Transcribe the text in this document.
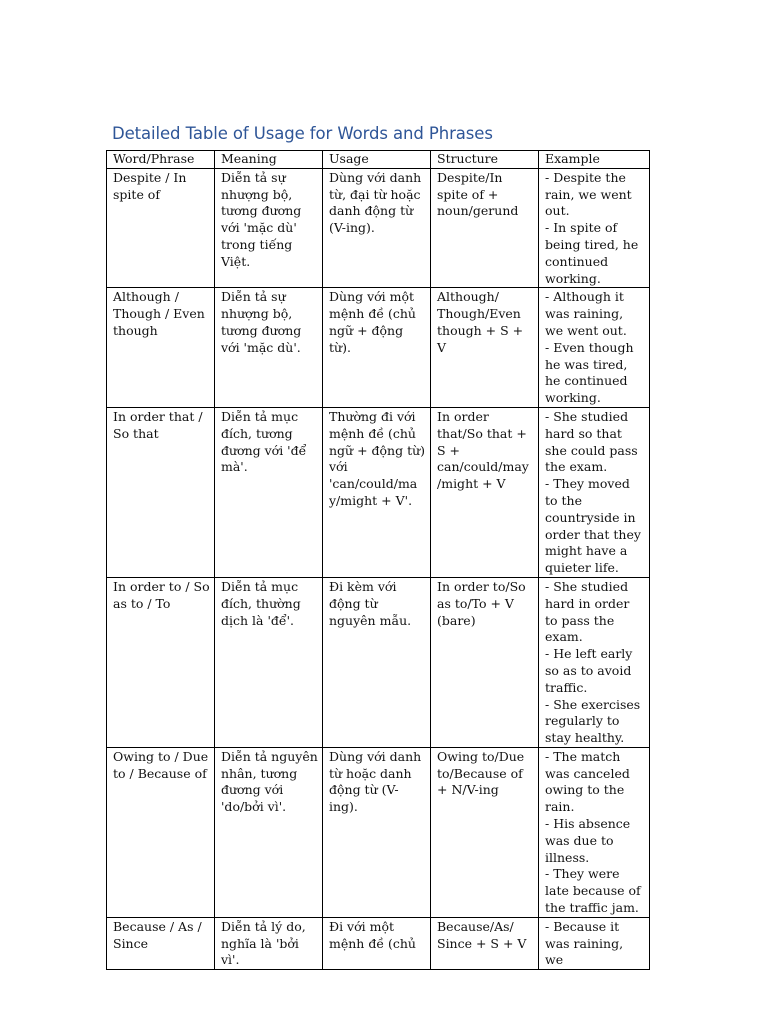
Detailed Table of Usage for Words and Phrases
Word/Phrase	Meaning	Usage	Structure	Example

Despite / In spite of	Diễn tả sự nhượng bộ, tương đương với 'mặc dù' trong tiếng Việt.	Dùng với danh từ, đại từ hoặc danh động từ (V-ing).	Despite/In spite of + noun/gerund	- Despite the rain, we went out.
- In spite of being tired, he continued working.

Although / Though / Even though	Diễn tả sự nhượng bộ, tương đương với 'mặc dù'.	Dùng với một mệnh đề (chủ ngữ + động từ).	Although/ Though/Even though + S + V	- Although it was raining, we went out.
- Even though he was tired, he continued working.

In order that / So that	Diễn tả mục đích, tương đương với 'để mà'.	Thường đi với mệnh đề (chủ ngữ + động từ) với 'can/could/ma y/might + V'.	In order that/So that + S + can/could/may /might + V	- She studied hard so that she could pass the exam.
- They moved to the countryside in order that they might have a quieter life.

In order to / So as to / To	Diễn tả mục đích, thường dịch là 'để'.	Đi kèm với động từ nguyên mẫu.	In order to/So as to/To + V (bare)	- She studied hard in order to pass the exam.
- He left early so as to avoid traffic.
- She exercises regularly to stay healthy.

Owing to / Due to / Because of	Diễn tả nguyên nhân, tương đương với 'do/bởi vì'.	Dùng với danh từ hoặc danh động từ (V-ing).	Owing to/Due to/Because of + N/V-ing	- The match was canceled owing to the rain.
- His absence was due to illness.
- They were late because of the traffic jam.

Because / As / Since	Diễn tả lý do, nghĩa là 'bởi vì'.	Đi với một mệnh đề (chủ	Because/As/ Since + S + V	- Because it was raining, we
